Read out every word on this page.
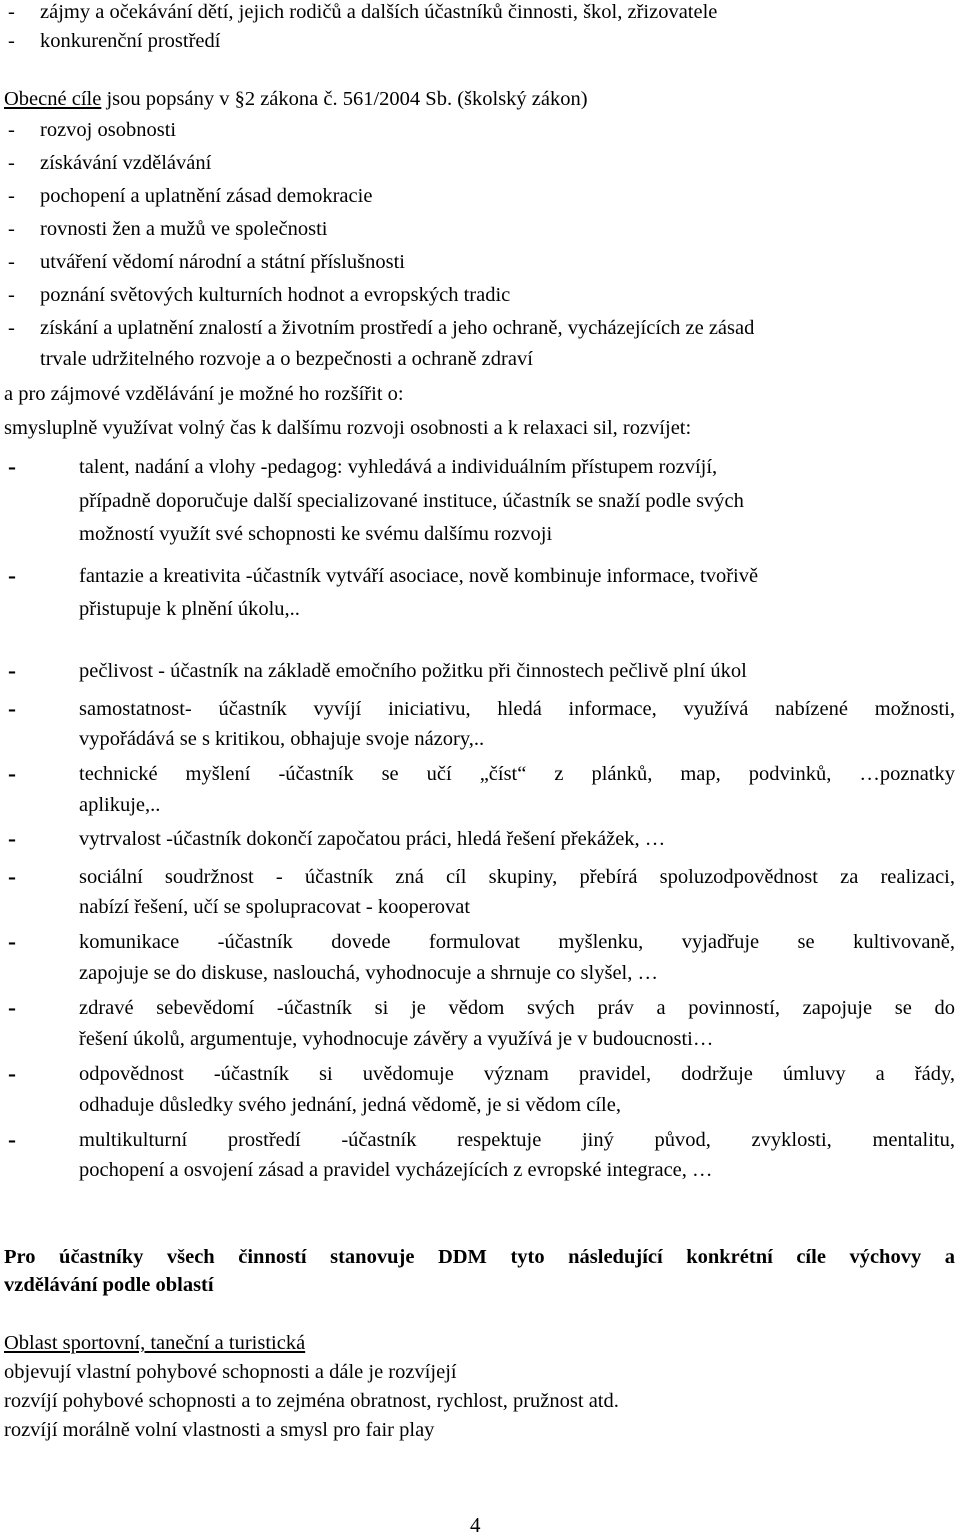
- zájmy a očekávání dětí, jejich rodičů a dalších účastníků činnosti, škol, zřizovatele
- konkurenční prostředí
Obecné cíle jsou popsány v §2 zákona č. 561/2004 Sb. (školský zákon)
- rozvoj osobnosti
- získávání vzdělávání
- pochopení a uplatnění zásad demokracie
- rovnosti žen a mužů ve společnosti
- utváření vědomí národní a státní příslušnosti
- poznání světových kulturních hodnot a evropských tradic
- získání a uplatnění znalostí a životním prostředí a jeho ochraně, vycházejících ze zásad
trvale udržitelného rozvoje a o bezpečnosti a ochraně zdraví
a pro zájmové vzdělávání je možné ho rozšířit o:
smysluplně využívat volný čas k dalšímu rozvoji osobnosti a k relaxaci sil, rozvíjet:
-	talent, nadání a vlohy -pedagog: vyhledává a individuálním přístupem rozvíjí,
případně doporučuje další specializované instituce, účastník se snaží podle svých
možností využít své schopnosti ke svému dalšímu rozvoji
-	fantazie a kreativita -účastník vytváří asociace, nově kombinuje informace, tvořivě
přistupuje k plnění úkolu,..
-	pečlivost - účastník na základě emočního požitku při činnostech pečlivě plní úkol
-	samostatnost- účastník vyvíjí iniciativu, hledá informace, využívá nabízené možnosti,
vypořádává se s kritikou, obhajuje svoje názory,..
-	technické myšlení -účastník se učí „číst“ z plánků, map, podvinků, …poznatky
aplikuje,..
-	vytrvalost -účastník dokončí započatou práci, hledá řešení překážek, …
-	sociální soudržnost - účastník zná cíl skupiny, přebírá spoluzodpovědnost za realizaci,
nabízí řešení, učí se spolupracovat - kooperovat
-	komunikace -účastník dovede formulovat myšlenku, vyjadřuje se kultivovaně,
zapojuje se do diskuse, naslouchá, vyhodnocuje a shrnuje co slyšel, …
-	zdravé sebevědomí -účastník si je vědom svých práv a povinností, zapojuje se do
řešení úkolů, argumentuje, vyhodnocuje závěry a využívá je v budoucnosti…
-	odpovědnost -účastník si uvědomuje význam pravidel, dodržuje úmluvy a řády,
odhaduje důsledky svého jednání, jedná vědomě, je si vědom cíle,
-	multikulturní prostředí -účastník respektuje jiný původ, zvyklosti, mentalitu,
pochopení a osvojení zásad a pravidel vycházejících z evropské integrace, …
Pro účastníky všech činností stanovuje DDM tyto následující konkrétní cíle výchovy a
vzdělávání podle oblastí
Oblast sportovní, taneční a turistická
objevují vlastní pohybové schopnosti a dále je rozvíjejí
rozvíjí pohybové schopnosti a to zejména obratnost, rychlost, pružnost atd.
rozvíjí morálně volní vlastnosti a smysl pro fair play
4
